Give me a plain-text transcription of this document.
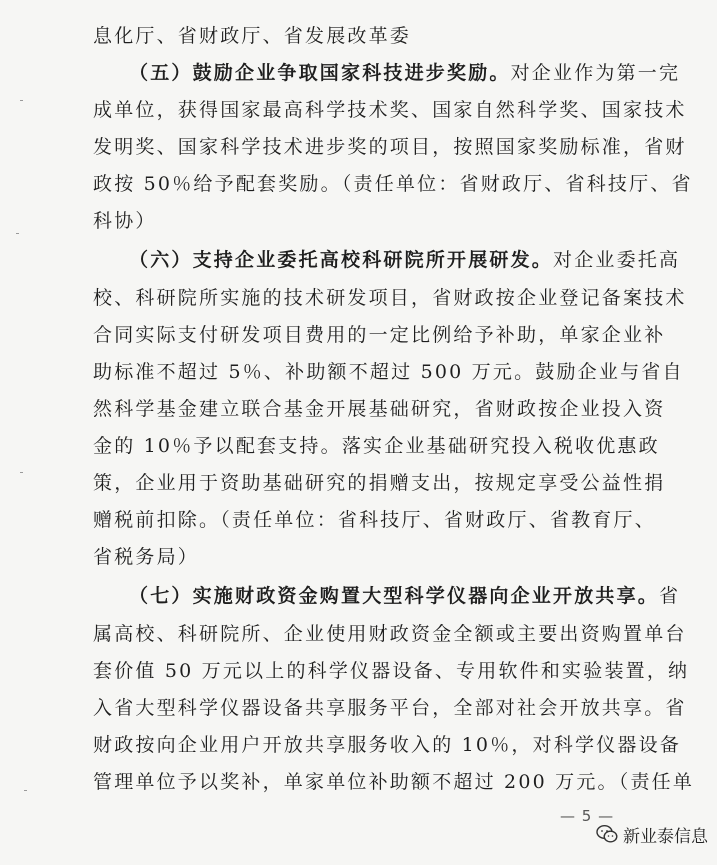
息化厅、省财政厅、省发展改革委
（五）鼓励企业争取国家科技进步奖励。对企业作为第一完
成单位，获得国家最高科学技术奖、国家自然科学奖、国家技术
发明奖、国家科学技术进步奖的项目，按照国家奖励标准，省财
政按 50％给予配套奖励。（责任单位：省财政厅、省科技厅、省
科协）
（六）支持企业委托高校科研院所开展研发。对企业委托高
校、科研院所实施的技术研发项目，省财政按企业登记备案技术
合同实际支付研发项目费用的一定比例给予补助，单家企业补
助标准不超过 5％、补助额不超过 500 万元。鼓励企业与省自
然科学基金建立联合基金开展基础研究，省财政按企业投入资
金的 10％予以配套支持。落实企业基础研究投入税收优惠政
策，企业用于资助基础研究的捐赠支出，按规定享受公益性捐
赠税前扣除。（责任单位：省科技厅、省财政厅、省教育厅、
省税务局）
（七）实施财政资金购置大型科学仪器向企业开放共享。省
属高校、科研院所、企业使用财政资金全额或主要出资购置单台
套价值 50 万元以上的科学仪器设备、专用软件和实验装置，纳
入省大型科学仪器设备共享服务平台，全部对社会开放共享。省
财政按向企业用户开放共享服务收入的 10％，对科学仪器设备
管理单位予以奖补，单家单位补助额不超过 200 万元。（责任单
— 5 —
新业泰信息
